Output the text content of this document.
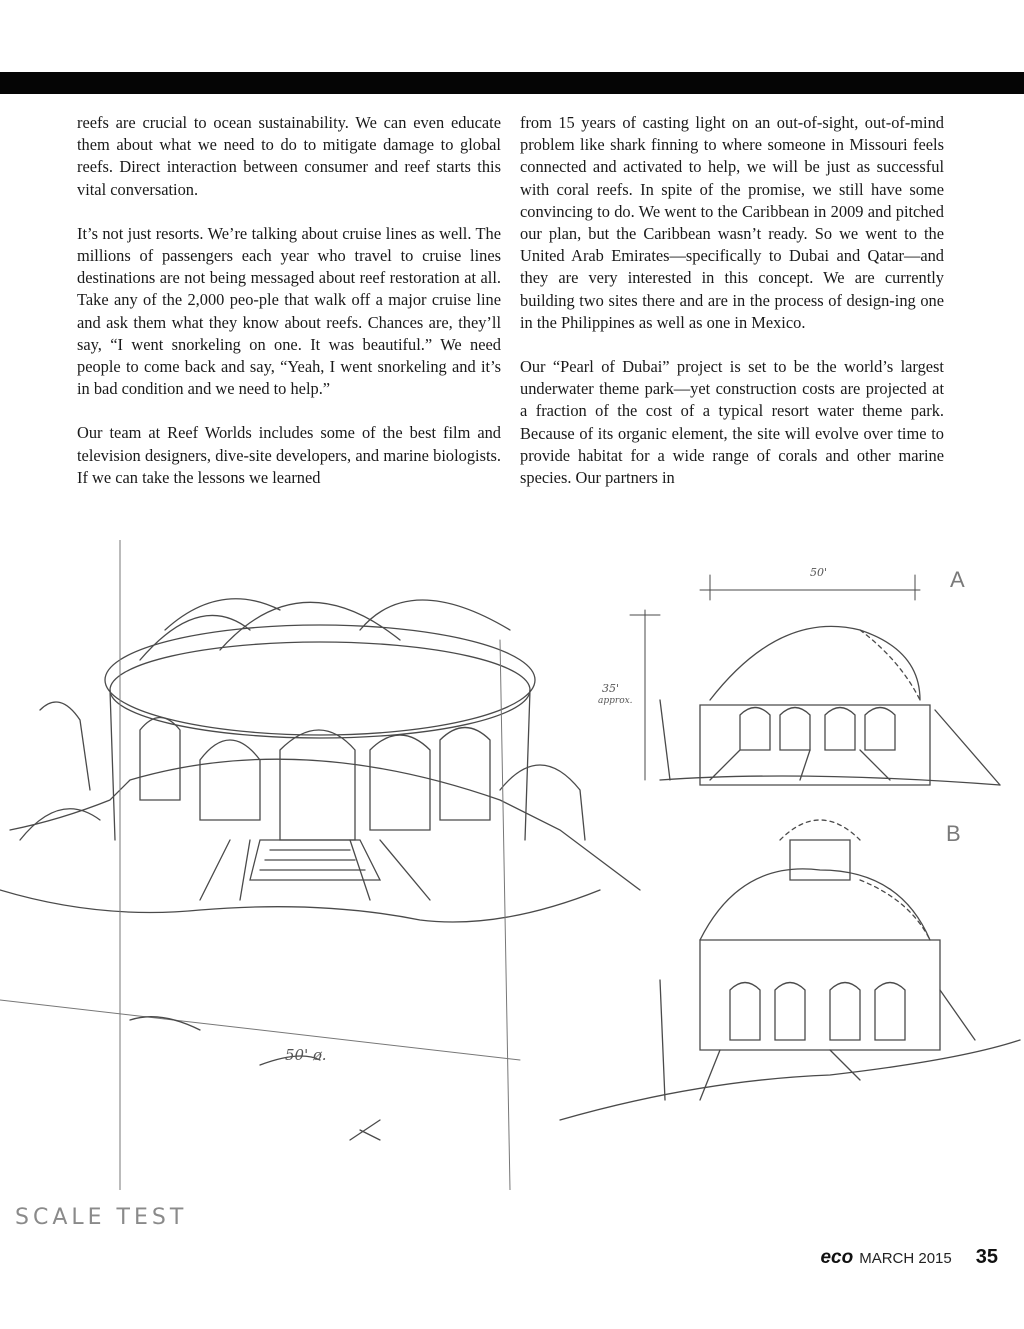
reefs are crucial to ocean sustainability. We can even educate them about what we need to do to mitigate damage to global reefs. Direct interaction between consumer and reef starts this vital conversation.

It’s not just resorts. We’re talking about cruise lines as well. The millions of passengers each year who travel to cruise lines destinations are not being messaged about reef restoration at all. Take any of the 2,000 peo-ple that walk off a major cruise line and ask them what they know about reefs. Chances are, they’ll say, “I went snorkeling on one. It was beautiful.” We need people to come back and say, “Yeah, I went snorkeling and it’s in bad condition and we need to help.”

Our team at Reef Worlds includes some of the best film and television designers, dive-site developers, and marine biologists. If we can take the lessons we learned

from 15 years of casting light on an out-of-sight, out-of-mind problem like shark finning to where someone in Missouri feels connected and activated to help, we will be just as successful with coral reefs. In spite of the promise, we still have some convincing to do. We went to the Caribbean in 2009 and pitched our plan, but the Caribbean wasn’t ready. So we went to the United Arab Emirates—specifically to Dubai and Qatar—and they are very interested in this concept. We are currently building two sites there and are in the process of design-ing one in the Philippines as well as one in Mexico.

Our “Pearl of Dubai” project is set to be the world’s largest underwater theme park—yet construction costs are projected at a fraction of the cost of a typical resort water theme park. Because of its organic element, the site will evolve over time to provide habitat for a wide range of corals and other marine species. Our partners in

A
B
50'
35'
approx.
50' ø.
SCALE TEST
eco MARCH 2015 35
